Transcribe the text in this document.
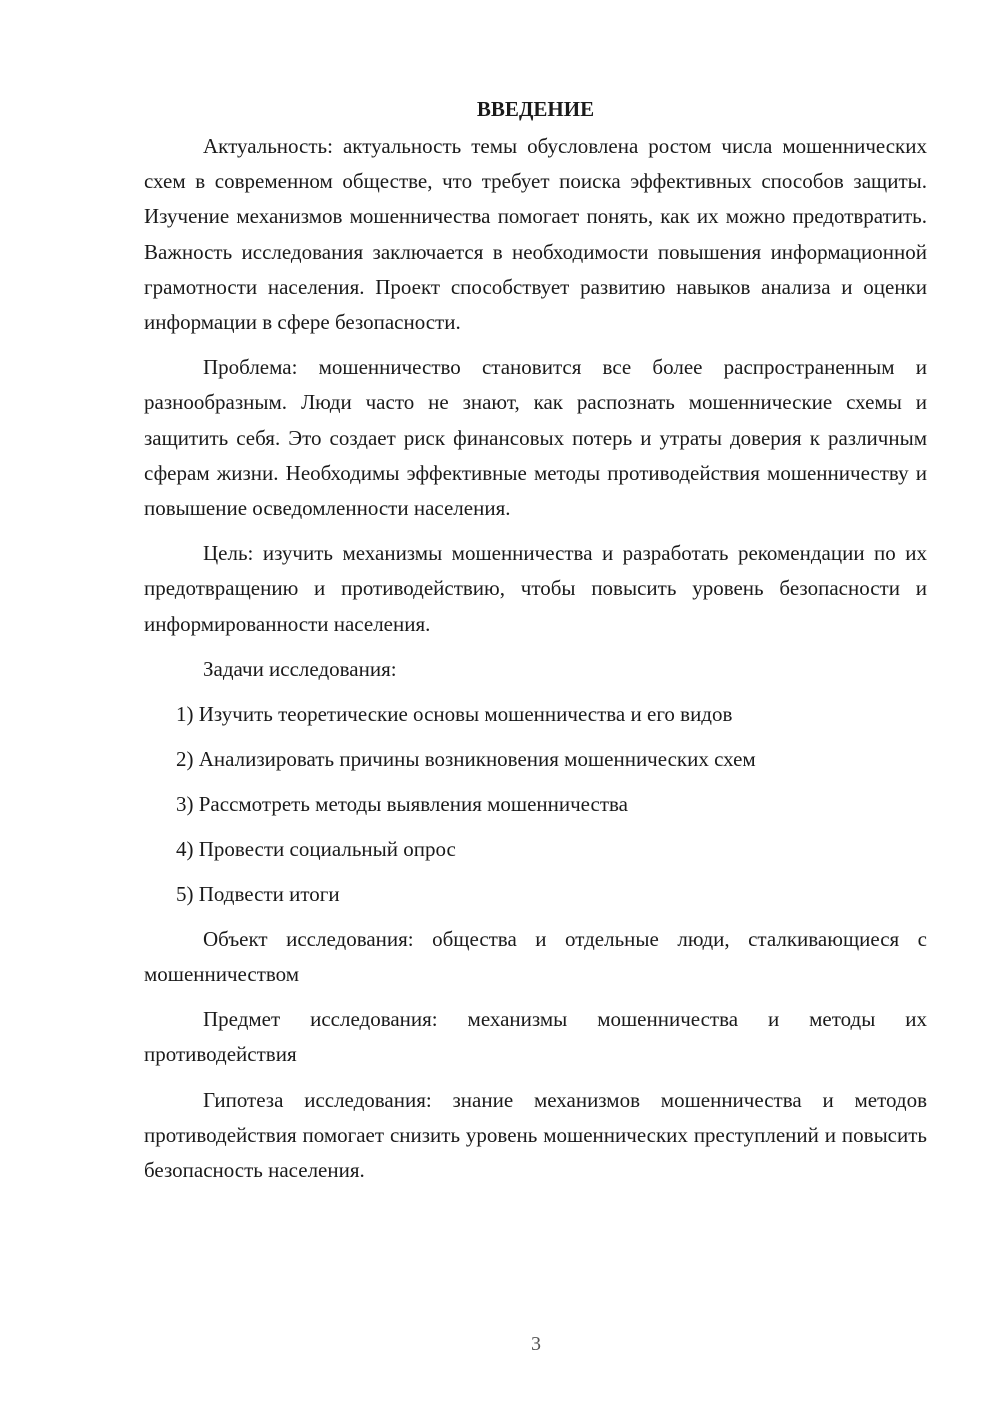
ВВЕДЕНИЕ

Актуальность: актуальность темы обусловлена ростом числа мошеннических схем в современном обществе, что требует поиска эффективных способов защиты. Изучение механизмов мошенничества помогает понять, как их можно предотвратить. Важность исследования заключается в необходимости повышения информационной грамотности населения. Проект способствует развитию навыков анализа и оценки информации в сфере безопасности.

Проблема: мошенничество становится все более распространенным и разнообразным. Люди часто не знают, как распознать мошеннические схемы и защитить себя. Это создает риск финансовых потерь и утраты доверия к различным сферам жизни. Необходимы эффективные методы противодействия мошенничеству и повышение осведомленности населения.

Цель: изучить механизмы мошенничества и разработать рекомендации по их предотвращению и противодействию, чтобы повысить уровень безопасности и информированности населения.

Задачи исследования:

1) Изучить теоретические основы мошенничества и его видов

2) Анализировать причины возникновения мошеннических схем

3) Рассмотреть методы выявления мошенничества

4) Провести социальный опрос

5) Подвести итоги

Объект исследования: общества и отдельные люди, сталкивающиеся с мошенничеством

Предмет исследования: механизмы мошенничества и методы их противодействия

Гипотеза исследования: знание механизмов мошенничества и методов противодействия помогает снизить уровень мошеннических преступлений и повысить безопасность населения.

3
